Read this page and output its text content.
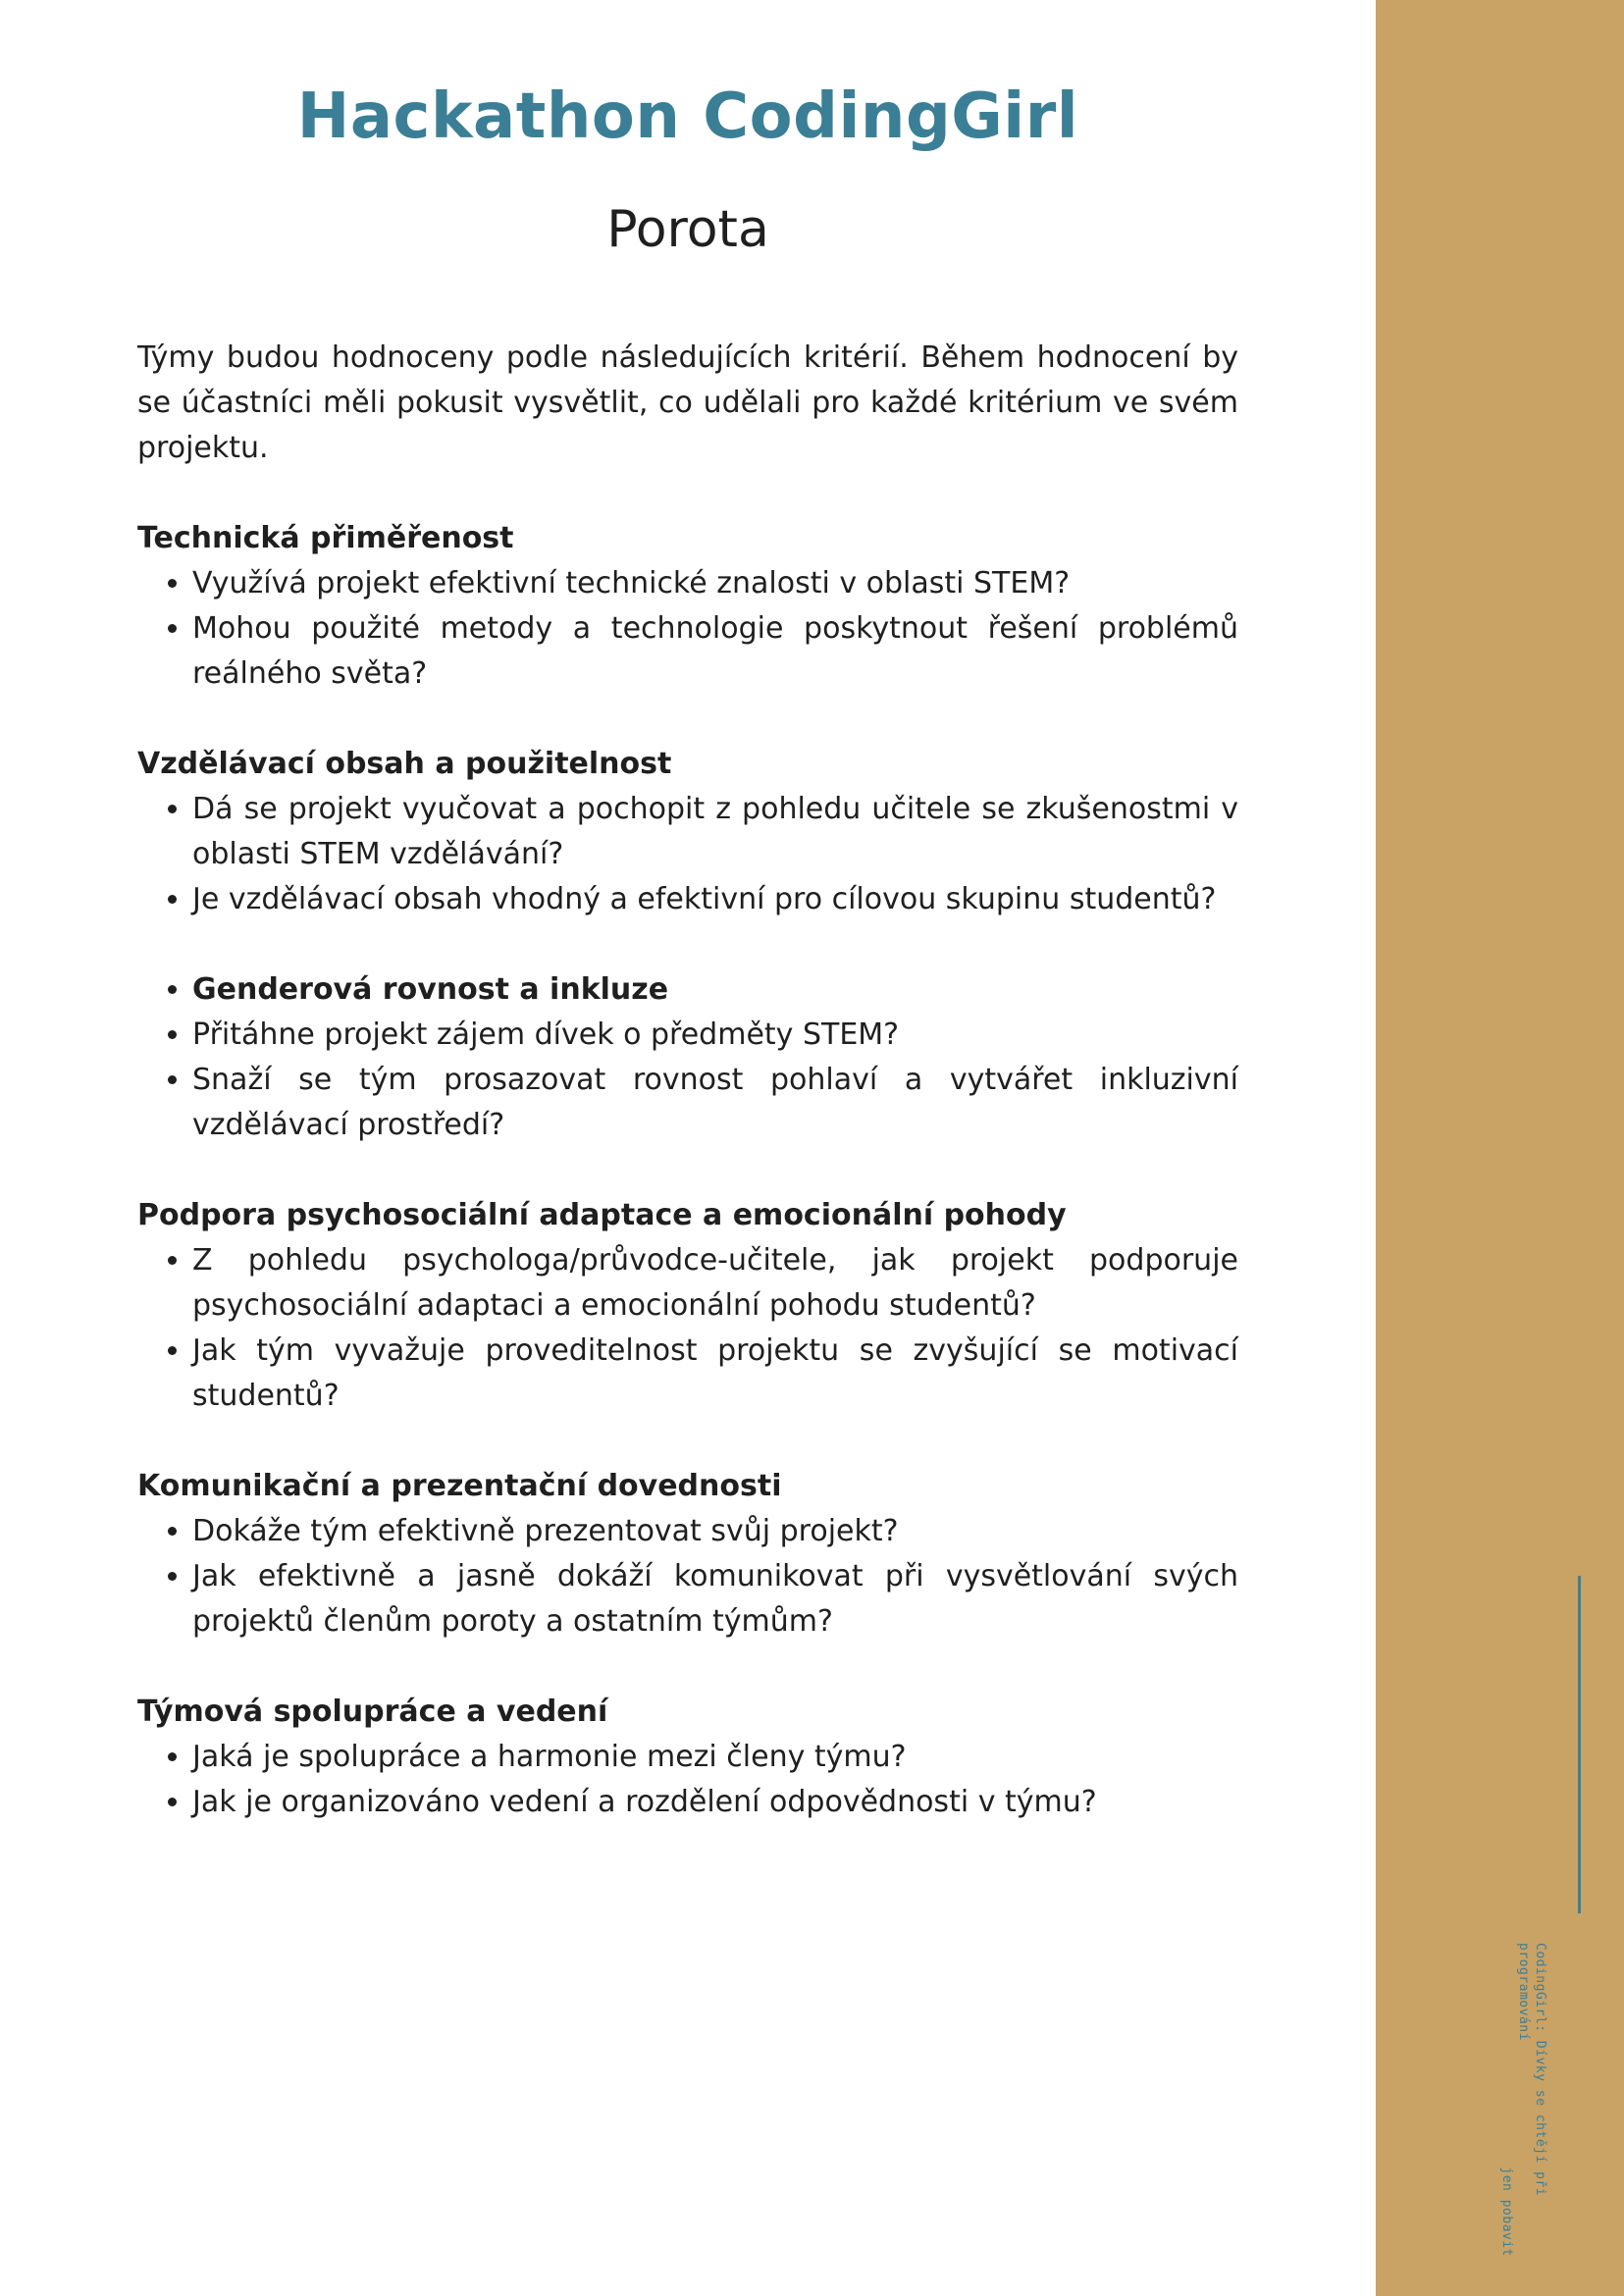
Hackathon CodingGirl
Porota

Týmy budou hodnoceny podle následujících kritérií. Během hodnocení by se účastníci měli pokusit vysvětlit, co udělali pro každé kritérium ve svém projektu.

Technická přiměřenost

• Využívá projekt efektivní technické znalosti v oblasti STEM?
• Mohou použité metody a technologie poskytnout řešení problémů reálného světa?

Vzdělávací obsah a použitelnost

• Dá se projekt vyučovat a pochopit z pohledu učitele se zkušenostmi v oblasti STEM vzdělávání?
• Je vzdělávací obsah vhodný a efektivní pro cílovou skupinu studentů?
• Genderová rovnost a inkluze
• Přitáhne projekt zájem dívek o předměty STEM?
• Snaží se tým prosazovat rovnost pohlaví a vytvářet inkluzivní vzdělávací prostředí?

Podpora psychosociální adaptace a emocionální pohody

• Z pohledu psychologa/průvodce-učitele, jak projekt podporuje psychosociální adaptaci a emocionální pohodu studentů?
• Jak tým vyvažuje proveditelnost projektu se zvyšující se motivací studentů?

Komunikační a prezentační dovednosti

• Dokáže tým efektivně prezentovat svůj projekt?
• Jak efektivně a jasně dokáží komunikovat při vysvětlování svých projektů členům poroty a ostatním týmům?

Týmová spolupráce a vedení

• Jaká je spolupráce a harmonie mezi členy týmu?
• Jak je organizováno vedení a rozdělení odpovědnosti v týmu?
CodingGirl: Dívky se chtějí při programování
jen pobavit
